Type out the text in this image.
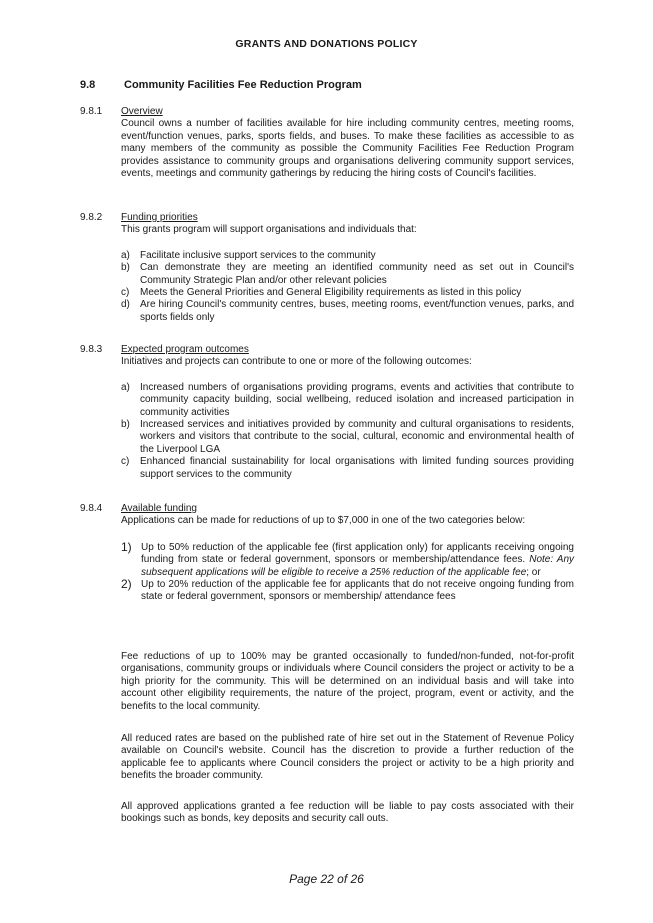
GRANTS AND DONATIONS POLICY
9.8	Community Facilities Fee Reduction Program
9.8.1 Overview
Council owns a number of facilities available for hire including community centres, meeting rooms, event/function venues, parks, sports fields, and buses. To make these facilities as accessible to as many members of the community as possible the Community Facilities Fee Reduction Program provides assistance to community groups and organisations delivering community support services, events, meetings and community gatherings by reducing the hiring costs of Council's facilities.
9.8.2 Funding priorities
This grants program will support organisations and individuals that:
a) Facilitate inclusive support services to the community
b) Can demonstrate they are meeting an identified community need as set out in Council's Community Strategic Plan and/or other relevant policies
c) Meets the General Priorities and General Eligibility requirements as listed in this policy
d) Are hiring Council's community centres, buses, meeting rooms, event/function venues, parks, and sports fields only
9.8.3 Expected program outcomes
Initiatives and projects can contribute to one or more of the following outcomes:
a) Increased numbers of organisations providing programs, events and activities that contribute to community capacity building, social wellbeing, reduced isolation and increased participation in community activities
b) Increased services and initiatives provided by community and cultural organisations to residents, workers and visitors that contribute to the social, cultural, economic and environmental health of the Liverpool LGA
c) Enhanced financial sustainability for local organisations with limited funding sources providing support services to the community
9.8.4 Available funding
Applications can be made for reductions of up to $7,000 in one of the two categories below:
1) Up to 50% reduction of the applicable fee (first application only) for applicants receiving ongoing funding from state or federal government, sponsors or membership/attendance fees. Note: Any subsequent applications will be eligible to receive a 25% reduction of the applicable fee; or
2) Up to 20% reduction of the applicable fee for applicants that do not receive ongoing funding from state or federal government, sponsors or membership/ attendance fees
Fee reductions of up to 100% may be granted occasionally to funded/non-funded, not-for-profit organisations, community groups or individuals where Council considers the project or activity to be a high priority for the community. This will be determined on an individual basis and will take into account other eligibility requirements, the nature of the project, program, event or activity, and the benefits to the local community.
All reduced rates are based on the published rate of hire set out in the Statement of Revenue Policy available on Council's website. Council has the discretion to provide a further reduction of the applicable fee to applicants where Council considers the project or activity to be a high priority and benefits the broader community.
All approved applications granted a fee reduction will be liable to pay costs associated with their bookings such as bonds, key deposits and security call outs.
Page 22 of 26
